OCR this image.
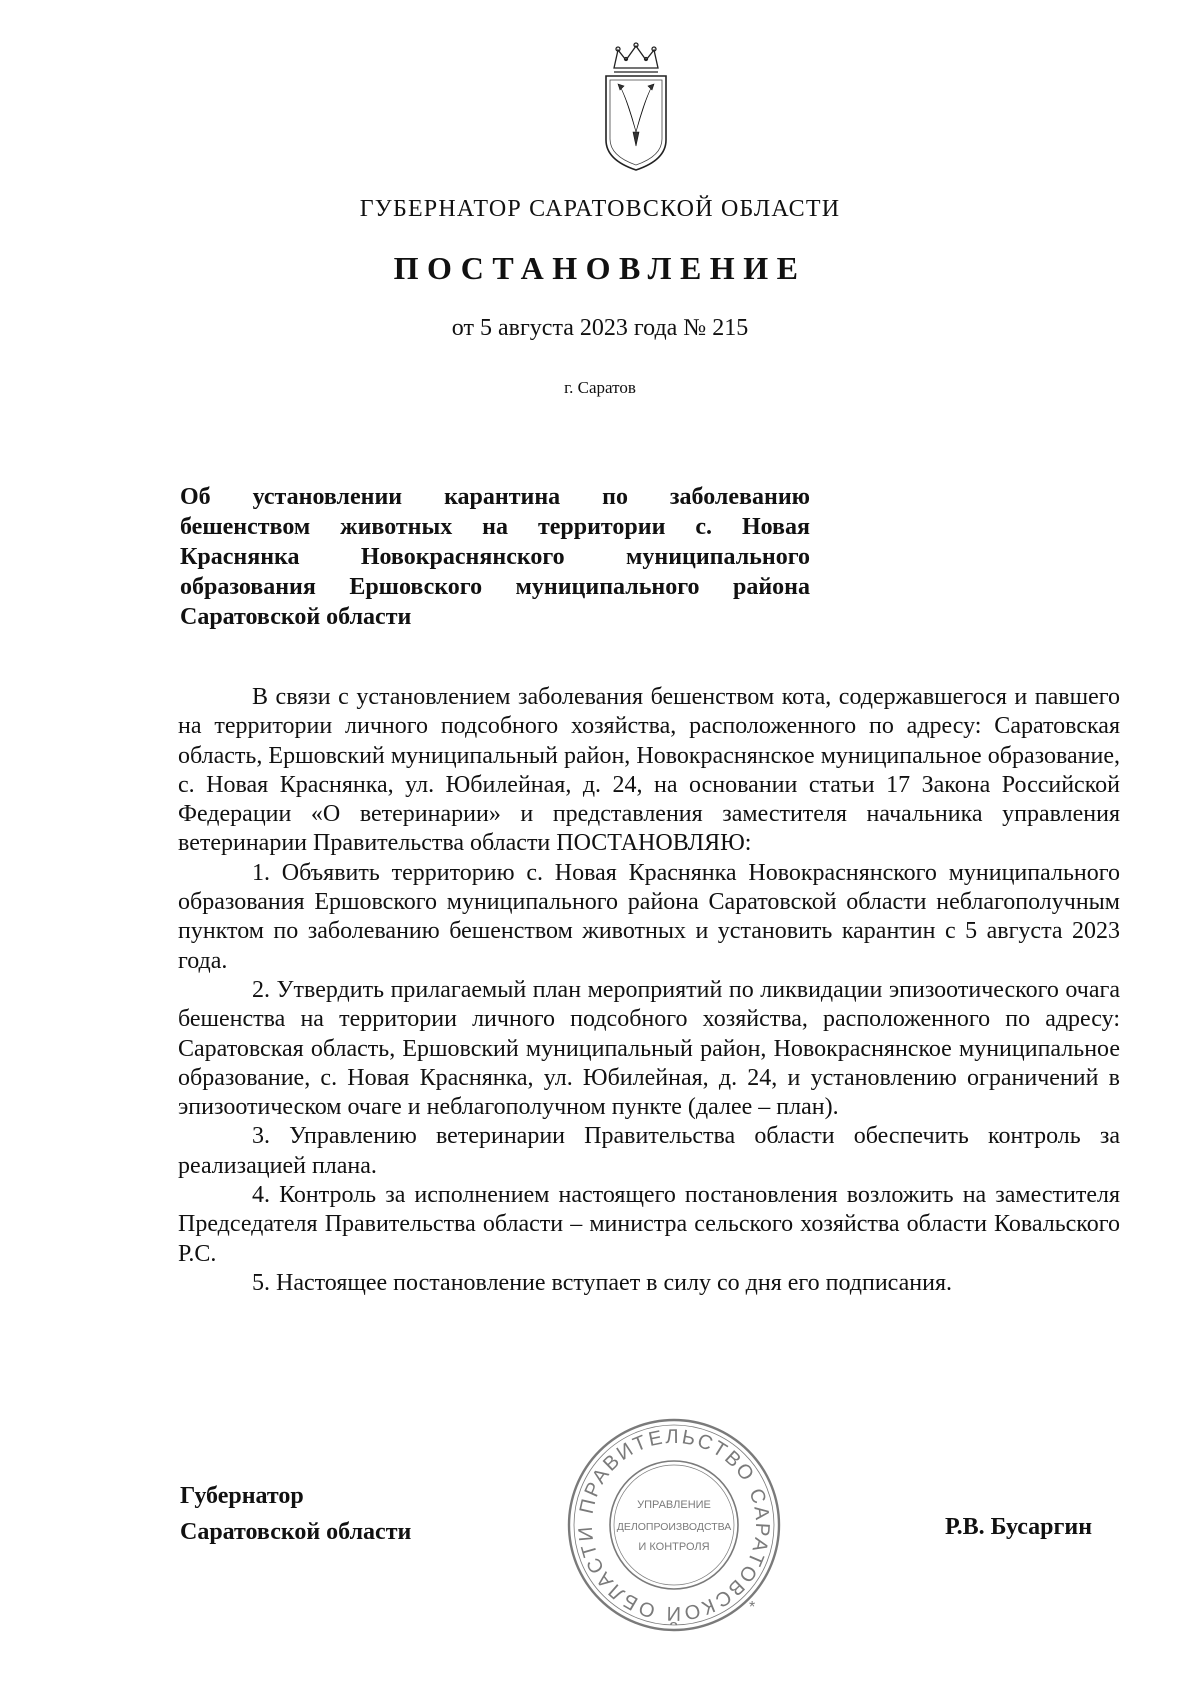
ГУБЕРНАТОР САРАТОВСКОЙ ОБЛАСТИ
ПОСТАНОВЛЕНИЕ
от 5 августа 2023 года № 215
г. Саратов
Об установлении карантина по заболеванию
бешенством животных на территории с. Новая
Краснянка Новокраснянского муниципального
образования Ершовского муниципального района
Саратовской области

В связи с установлением заболевания бешенством кота, содержавшегося и павшего на территории личного подсобного хозяйства, расположенного по адресу: Саратовская область, Ершовский муниципальный район, Новокраснянское муниципальное образование, с. Новая Краснянка, ул. Юбилейная, д. 24, на основании статьи 17 Закона Российской Федерации «О ветеринарии» и представления заместителя начальника управления ветеринарии Правительства области ПОСТАНОВЛЯЮ:

1. Объявить территорию с. Новая Краснянка Новокраснянского муниципального образования Ершовского муниципального района Саратовской области неблагополучным пунктом по заболеванию бешенством животных и установить карантин с 5 августа 2023 года.

2. Утвердить прилагаемый план мероприятий по ликвидации эпизоотического очага бешенства на территории личного подсобного хозяйства, расположенного по адресу: Саратовская область, Ершовский муниципальный район, Новокраснянское муниципальное образование, с. Новая Краснянка, ул. Юбилейная, д. 24, и установлению ограничений в эпизоотическом очаге и неблагополучном пункте (далее – план).

3. Управлению ветеринарии Правительства области обеспечить контроль за реализацией плана.

4. Контроль за исполнением настоящего постановления возложить на заместителя Председателя Правительства области – министра сельского хозяйства области Ковальского Р.С.

5. Настоящее постановление вступает в силу со дня его подписания.

Губернатор
Саратовской области
ПРАВИТЕЛЬСТВО САРАТОВСКОЙ ОБЛАСТИ
*
УПРАВЛЕНИЕ
ДЕЛОПРОИЗВОДСТВА
И КОНТРОЛЯ
Р.В. Бусаргин
